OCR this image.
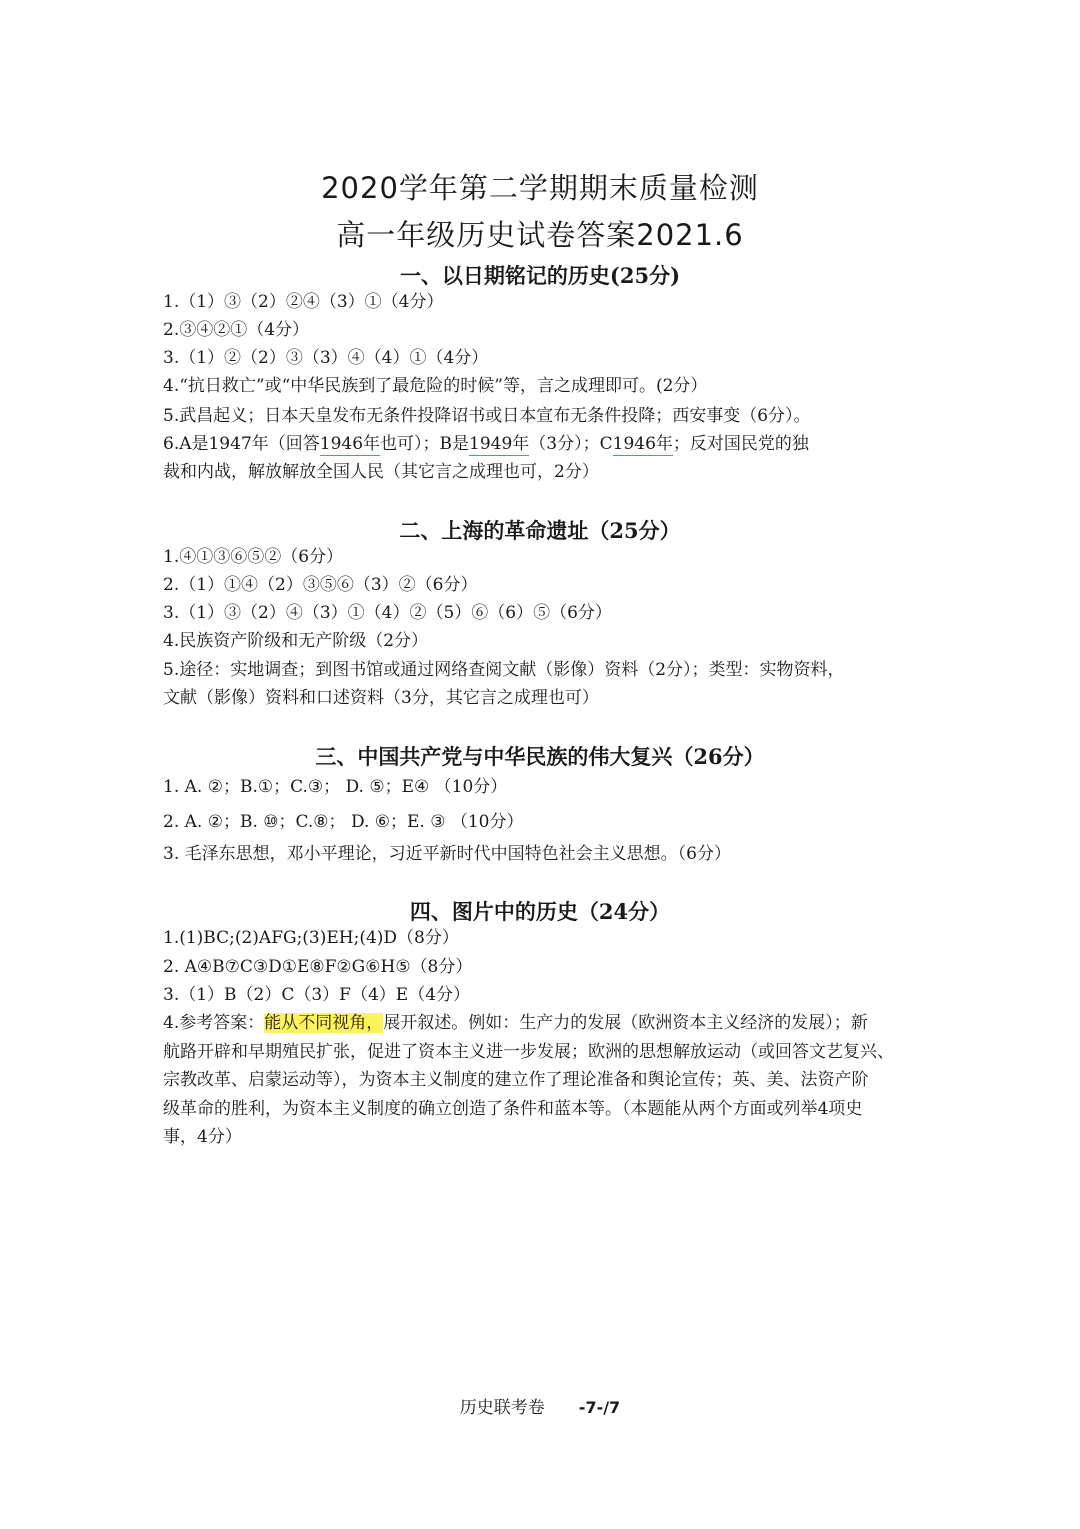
2020学年第二学期期末质量检测
高一年级历史试卷答案2021.6
一、以日期铭记的历史(25分)
1.（1）③（2）②④（3）①（4分）
2.③④②①（4分）
3.（1）②（2）③（3）④（4）①（4分）
4.“抗日救亡”或“中华民族到了最危险的时候”等，言之成理即可。(2分）
5.武昌起义；日本天皇发布无条件投降诏书或日本宣布无条件投降；西安事变（6分）。
6.A是1947年（回答1946年也可）；B是1949年（3分）；C1946年；反对国民党的独
裁和内战，解放解放全国人民（其它言之成理也可，2分）
二、上海的革命遗址（25分）
1.④①③⑥⑤②（6分）
2.（1）①④（2）③⑤⑥（3）②（6分）
3.（1）③（2）④（3）①（4）②（5）⑥（6）⑤（6分）
4.民族资产阶级和无产阶级（2分）
5.途径：实地调查；到图书馆或通过网络查阅文献（影像）资料（2分）；类型：实物资料，
文献（影像）资料和口述资料（3分，其它言之成理也可）
三、中国共产党与中华民族的伟大复兴（26分）
1. A. ②；B.①；C.③； D. ⑤；E④ （10分）
2. A. ②；B. ⑩；C.⑧； D. ⑥；E. ③ （10分）
3. 毛泽东思想，邓小平理论，习近平新时代中国特色社会主义思想。（6分）
四、图片中的历史（24分）
1.(1)BC;(2)AFG;(3)EH;(4)D（8分）
2. A④B⑦C③D①E⑧F②G⑥H⑤（8分）
3.（1）B（2）C（3）F（4）E（4分）
4.参考答案：能从不同视角，展开叙述。例如：生产力的发展（欧洲资本主义经济的发展）；新
航路开辟和早期殖民扩张，促进了资本主义进一步发展；欧洲的思想解放运动（或回答文艺复兴、
宗教改革、启蒙运动等），为资本主义制度的建立作了理论准备和舆论宣传；英、美、法资产阶
级革命的胜利，为资本主义制度的确立创造了条件和蓝本等。（本题能从两个方面或列举4项史
事，4分）
历史联考卷 -7-/7
